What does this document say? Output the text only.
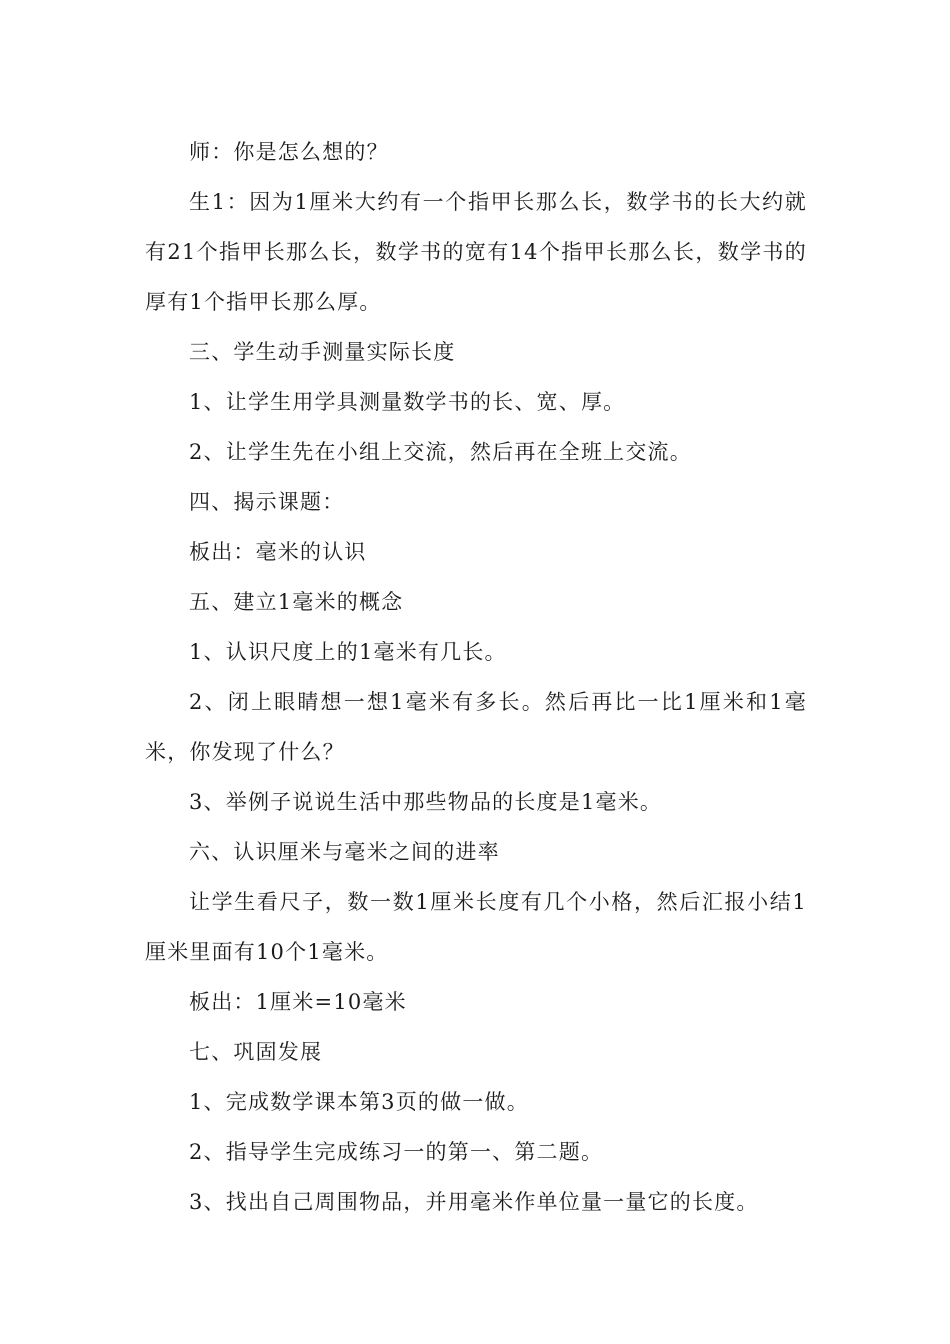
师：你是怎么想的？

生1：因为1厘米大约有一个指甲长那么长，数学书的长大约就有21个指甲长那么长，数学书的宽有14个指甲长那么长，数学书的厚有1个指甲长那么厚。

三、学生动手测量实际长度

1、让学生用学具测量数学书的长、宽、厚。

2、让学生先在小组上交流，然后再在全班上交流。

四、揭示课题：

板出：毫米的认识

五、建立1毫米的概念

1、认识尺度上的1毫米有几长。

2、闭上眼睛想一想1毫米有多长。然后再比一比1厘米和1毫米，你发现了什么？

3、举例子说说生活中那些物品的长度是1毫米。

六、认识厘米与毫米之间的进率

让学生看尺子，数一数1厘米长度有几个小格，然后汇报小结1厘米里面有10个1毫米。

板出：1厘米=10毫米

七、巩固发展

1、完成数学课本第3页的做一做。

2、指导学生完成练习一的第一、第二题。

3、找出自己周围物品，并用毫米作单位量一量它的长度。
